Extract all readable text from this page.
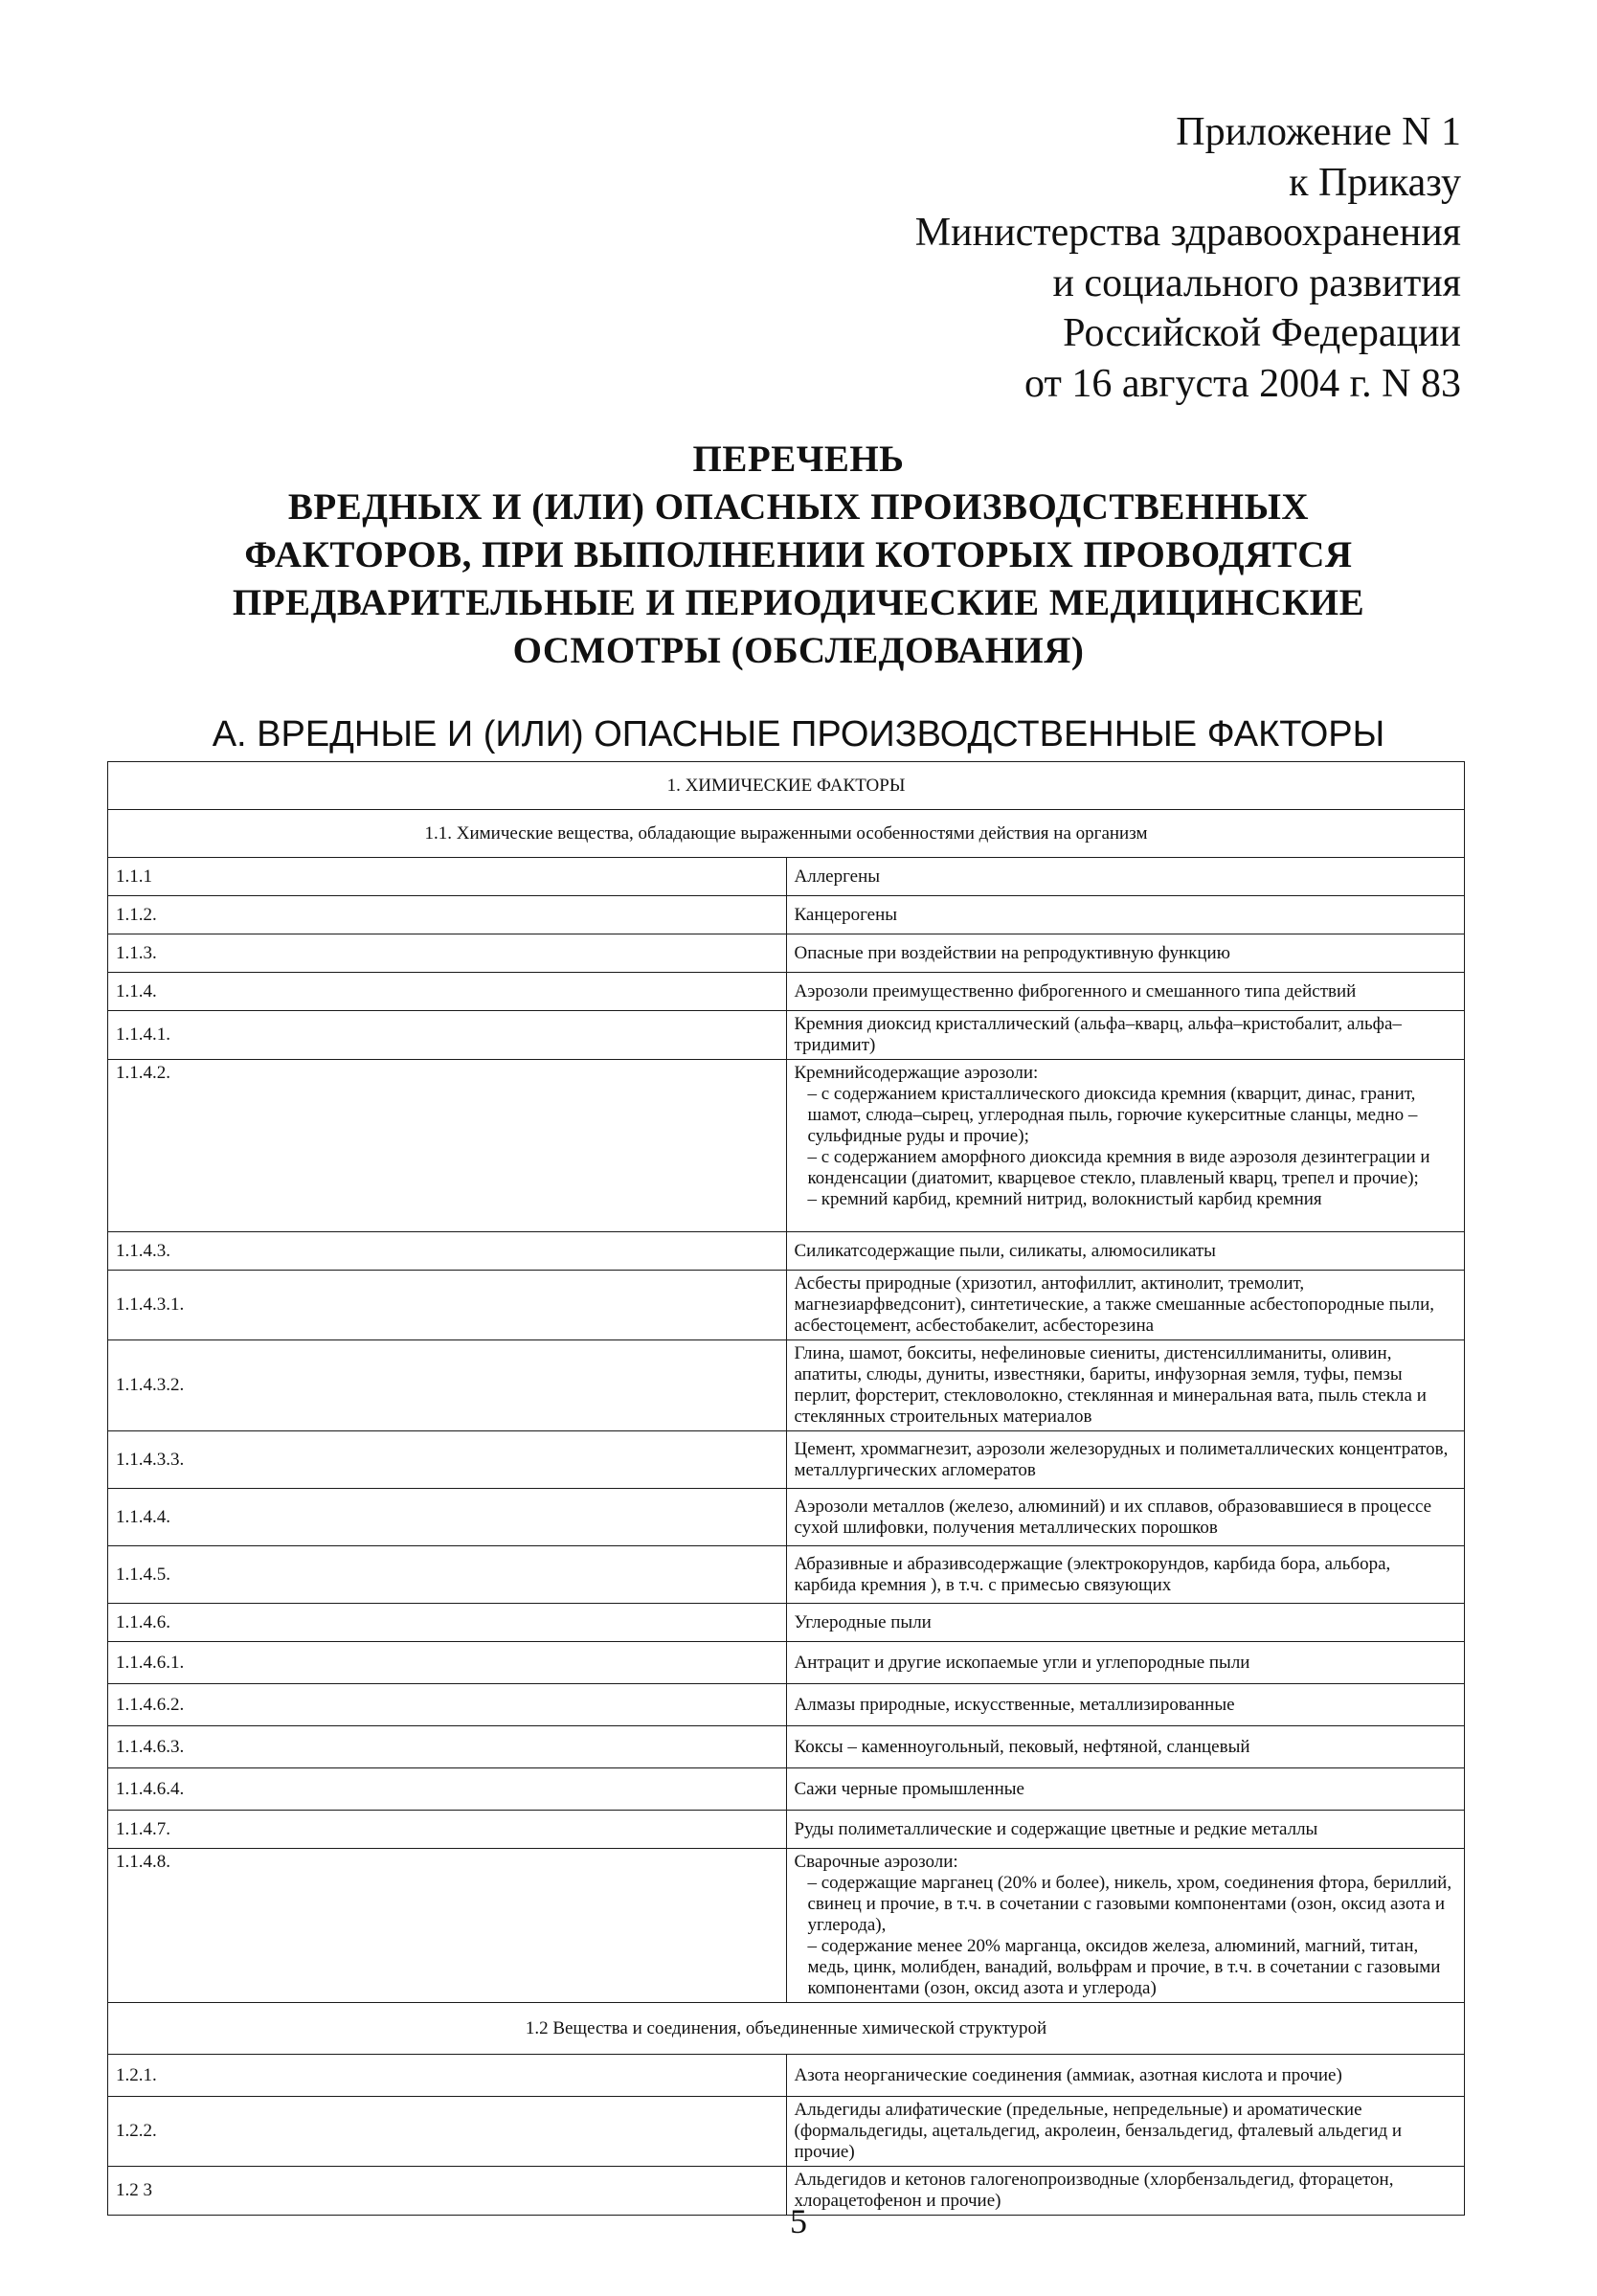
Приложение N 1
к Приказу
Министерства здравоохранения
и социального развития
Российской Федерации
от 16 августа 2004 г. N 83
ПЕРЕЧЕНЬ
ВРЕДНЫХ И (ИЛИ) ОПАСНЫХ ПРОИЗВОДСТВЕННЫХ
ФАКТОРОВ, ПРИ ВЫПОЛНЕНИИ КОТОРЫХ ПРОВОДЯТСЯ
ПРЕДВАРИТЕЛЬНЫЕ И ПЕРИОДИЧЕСКИЕ МЕДИЦИНСКИЕ
ОСМОТРЫ (ОБСЛЕДОВАНИЯ)
А. ВРЕДНЫЕ И (ИЛИ) ОПАСНЫЕ ПРОИЗВОДСТВЕННЫЕ ФАКТОРЫ
1. ХИМИЧЕСКИЕ ФАКТОРЫ	
1.1. Химические вещества, обладающие выраженными особенностями действия на организм	
1.1.1	Аллергены

1.1.2.	Канцерогены

1.1.3.	Опасные при воздействии на репродуктивную функцию

1.1.4.	Аэрозоли преимущественно фиброгенного и смешанного типа действий

1.1.4.1.	Кремния диоксид кристаллический (альфа–кварц, альфа–кристобалит, альфа–тридимит)

1.1.4.2.	Кремнийсодержащие аэрозоли:
– с содержанием кристаллического диоксида кремния (кварцит, динас, гранит, шамот, слюда–сырец, углеродная пыль, горючие кукерситные сланцы, медно –сульфидные руды и прочие);
– с содержанием аморфного диоксида кремния в виде аэрозоля дезинтеграции и конденсации (диатомит, кварцевое стекло, плавленый кварц, трепел и прочие);
– кремний карбид, кремний нитрид, волокнистый карбид кремния

1.1.4.3.	Силикатсодержащие пыли, силикаты, алюмосиликаты

1.1.4.3.1.	Асбесты природные (хризотил, антофиллит, актинолит, тремолит, магнезиарфведсонит), синтетические, а также смешанные асбестопородные пыли, асбестоцемент, асбестобакелит, асбесторезина

1.1.4.3.2.	Глина, шамот, бокситы, нефелиновые сиениты, дистенсиллиманиты, оливин, апатиты, слюды, дуниты, известняки, бариты, инфузорная земля, туфы, пемзы перлит, форстерит, стекловолокно, стеклянная и минеральная вата, пыль стекла и стеклянных строительных материалов

1.1.4.3.3.	Цемент, хроммагнезит, аэрозоли железорудных и полиметаллических концентратов, металлургических агломератов

1.1.4.4.	Аэрозоли металлов (железо, алюминий) и их сплавов, образовавшиеся в процессе сухой шлифовки, получения металлических порошков

1.1.4.5.	Абразивные и абразивсодержащие (электрокорундов, карбида бора, альбора, карбида кремния ), в т.ч. с примесью связующих

1.1.4.6.	Углеродные пыли

1.1.4.6.1.	Антрацит и другие ископаемые угли и углепородные пыли

1.1.4.6.2.	Алмазы природные, искусственные, металлизированные

1.1.4.6.3.	Коксы – каменноугольный, пековый, нефтяной, сланцевый

1.1.4.6.4.	Сажи черные промышленные

1.1.4.7.	Руды полиметаллические и содержащие цветные и редкие металлы

1.1.4.8.	Сварочные аэрозоли:
– содержащие марганец (20% и более), никель, хром, соединения фтора, бериллий, свинец и прочие, в т.ч. в сочетании с газовыми компонентами (озон, оксид азота и углерода),
– содержание менее 20% марганца, оксидов железа, алюминий, магний, титан, медь, цинк, молибден, ванадий, вольфрам и прочие, в т.ч. в сочетании с газовыми компонентами (озон, оксид азота и углерода)

1.2 Вещества и соединения, объединенные химической структурой	
1.2.1.	Азота неорганические соединения (аммиак, азотная кислота и прочие)

1.2.2.	Альдегиды алифатические (предельные, непредельные) и ароматические (формальдегиды, ацетальдегид, акролеин, бензальдегид, фталевый альдегид и прочие)

1.2 3	Альдегидов и кетонов галогенопроизводные (хлорбензальдегид, фторацетон, хлорацетофенон и прочие)
5
